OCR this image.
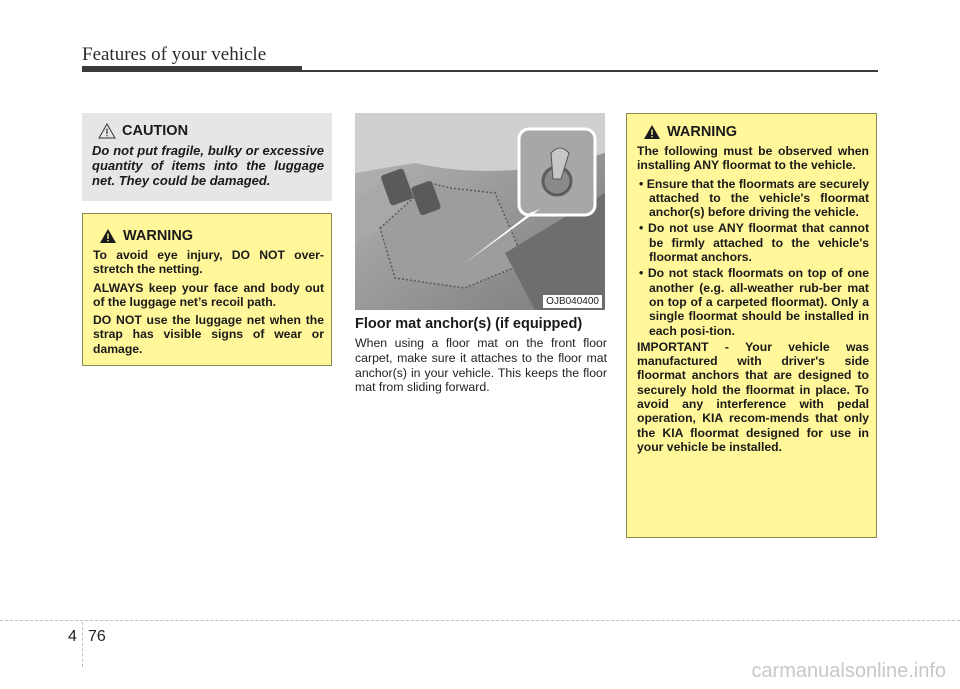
Features of your vehicle
CAUTION
Do not put fragile, bulky or excessive quantity of items into the luggage net. They could be damaged.
WARNING

To avoid eye injury, DO NOT over-stretch the netting.

ALWAYS keep your face and body out of the luggage net’s recoil path.

DO NOT use the luggage net when the strap has visible signs of wear or damage.

OJB040400
Floor mat anchor(s) (if equipped)
When using a floor mat on the front floor carpet, make sure it attaches to the floor mat anchor(s) in your vehicle. This keeps the floor mat from sliding forward.
WARNING

The following must be observed when installing ANY floormat to the vehicle.

• Ensure that the floormats are securely attached to the vehicle's floormat anchor(s) before driving the vehicle.
• Do not use ANY floormat that cannot be firmly attached to the vehicle's floormat anchors.
• Do not stack floormats on top of one another (e.g. all-weather rub-ber mat on top of a carpeted floormat). Only a single floormat should be installed in each posi-tion.

IMPORTANT - Your vehicle was manufactured with driver's side floormat anchors that are designed to securely hold the floormat in place. To avoid any interference with pedal operation, KIA recom-mends that only the KIA floormat designed for use in your vehicle be installed.

4 76
carmanualsonline.info
